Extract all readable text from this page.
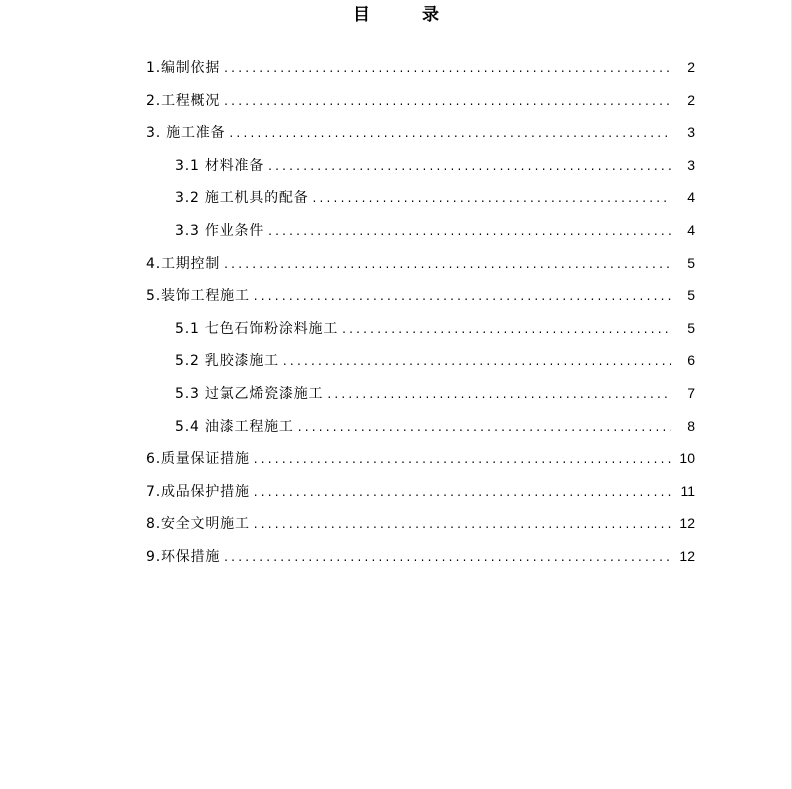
目 录
1.编制依据 .....	2
2.工程概况 .....	2
3. 施工准备 .....	3
3.1 材料准备 .....	3
3.2 施工机具的配备 .....	4
3.3 作业条件 .....	4
4.工期控制 .....	5
5.装饰工程施工 .....	5
5.1 七色石饰粉涂料施工 .....	5
5.2 乳胶漆施工 .....	6
5.3 过氯乙烯瓷漆施工 .....	7
5.4 油漆工程施工 .....	8
6.质量保证措施 .....	10
7.成品保护措施 .....	11
8.安全文明施工 .....	12
9.环保措施 .....	12
